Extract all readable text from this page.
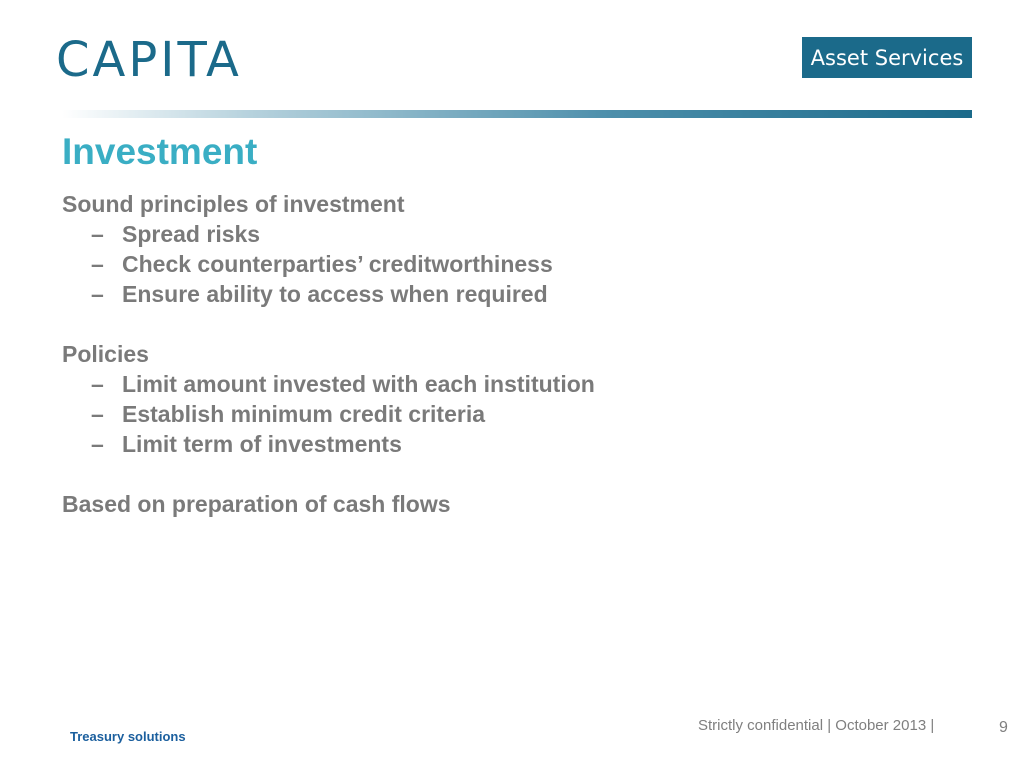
CAPITA	Asset Services
Investment
Sound principles of investment
– Spread risks
– Check counterparties’ creditworthiness
– Ensure ability to access when required
Policies
– Limit amount invested with each institution
– Establish minimum credit criteria
– Limit term of investments
Based on preparation of cash flows
Treasury solutions
Strictly confidential | October 2013 |	9
